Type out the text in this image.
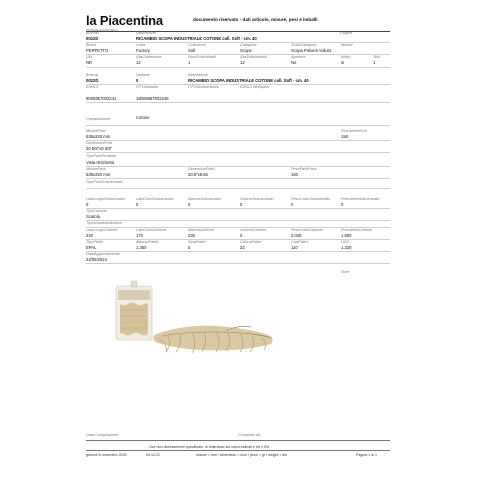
la Piacentina
DIVISIONE DI CASA SELLA
documento riservato - dati articolo, misure, pesi e imballi
Articolo	Descrizione	Origine
0022D	RICAMBIO SCOPA INDUSTRIALE COTONE coll. Soft - cm. 40
Brand	Linea	Collezione	Categoria	SottoCategoria	Market
PERFETTO	Factory	Soft	Scope	Scopa Polvere Indust.
UM	QtaConfezione	NumSottolmballi	QtaSottolmballo	Aperture	Attivo	Tubi
NR	12	1	12	No	si	1
Articolo	Variante	Descrizione
0022D	0	RICAMBIO SCOPA INDUSTRIALE COTONE coll. Soft - cm. 40
EAN13	ITF14Imballo	ITF14Sottolmballo	EAN14 Multipack
8005957002241	18005957002248
Composizione	Cotone
MisureProd	PesoNettoProd
535x220 mm	150
DimensionProd
20 5/8"x8 5/8"
TipoPackProdotto
Vista+Etichetta
MisurePack	DimensionPack	PesoPackPack
535x220 mm	20.6"x8.66	150
TipoPackSottolmballo
LatoLungoSottolmballo	LatoCortoSottolmballo	AltezzaSottolmballo	VolumeSottolmballo	PesoLordoSottolmballo	PesoNettoSottolmballo
0	0	0	0	0	0
TipoCartone
Scatola
TipoImballolndicatore
LatoLungoCartone	LatoCortoCartone	AltezzaCartone	VolumeCartone	PesoLordoCartone	PesoNettoCartone
240	170	230	0	2.028	1.800
TipoPallet	AltezzaPallet	StratPallet	CtStratPallet	CartPallet	UDC
EPAL	1.350	5	22	110	1.320
DataAggiornamento
23/05/2024
Note
Data Compilazione	Compilato da
Ove non diversamente specificato, le tolleranze sui valori indicati è tra ± 5%
giovedì 6 novembre 2025	09:12:21	misure = mm / dimension = inch / peso = gr / weight = lbs	Pagina 1 di 1
